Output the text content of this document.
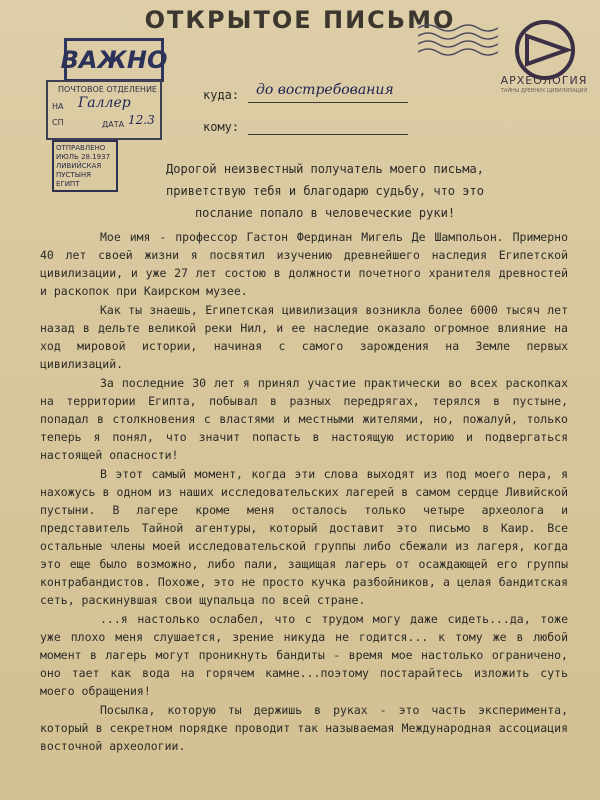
ОТКРЫТОЕ ПИСЬМО
АРХЕОЛОГИЯ
ТАЙНЫ ДРЕВНИХ ЦИВИЛИЗАЦИЙ
ВАЖНО
ПОЧТОВОЕ ОТДЕЛЕНИЕ
НА Галлер
СП	ДАТА 12.3
ОТПРАВЛЕНО
ИЮЛЬ 28.1937
ЛИВИЙСКАЯ
ПУСТЫНЯ ЕГИПТ
куда: до востребования
кому:
Дорогой неизвестный получатель моего письма, приветствую тебя и благодарю судьбу, что это послание попало в человеческие руки!

Мое имя - профессор Гастон Фердинан Мигель Де Шампольон. Примерно 40 лет своей жизни я посвятил изучению древнейшего наследия Египетской цивилизации, и уже 27 лет состою в должности почетного хранителя древностей и раскопок при Каирском музее.

Как ты знаешь, Египетская цивилизация возникла более 6000 тысяч лет назад в дельте великой реки Нил, и ее наследие оказало огромное влияние на ход мировой истории, начиная с самого зарождения на Земле первых цивилизаций.

За последние 30 лет я принял участие практически во всех раскопках на территории Египта, побывал в разных передрягах, терялся в пустыне, попадал в столкновения с властями и местными жителями, но, пожалуй, только теперь я понял, что значит попасть в настоящую историю и подвергаться настоящей опасности!

В этот самый момент, когда эти слова выходят из под моего пера, я нахожусь в одном из наших исследовательских лагерей в самом сердце Ливийской пустыни. В лагере кроме меня осталось только четыре археолога и представитель Тайной агентуры, который доставит это письмо в Каир. Все остальные члены моей исследовательской группы либо сбежали из лагеря, когда это еще было возможно, либо пали, защищая лагерь от осаждающей его группы контрабандистов. Похоже, это не просто кучка разбойников, а целая бандитская сеть, раскинувшая свои щупальца по всей стране.

...я настолько ослабел, что с трудом могу даже сидеть...да, тоже уже плохо меня слушается, зрение никуда не годится... к тому же в любой момент в лагерь могут проникнуть бандиты - время мое настолько ограничено, оно тает как вода на горячем камне...поэтому постарайтесь изложить суть моего обращения!

Посылка, которую ты держишь в руках - это часть эксперимента, который в секретном порядке проводит так называемая Международная ассоциация восточной археологии.
